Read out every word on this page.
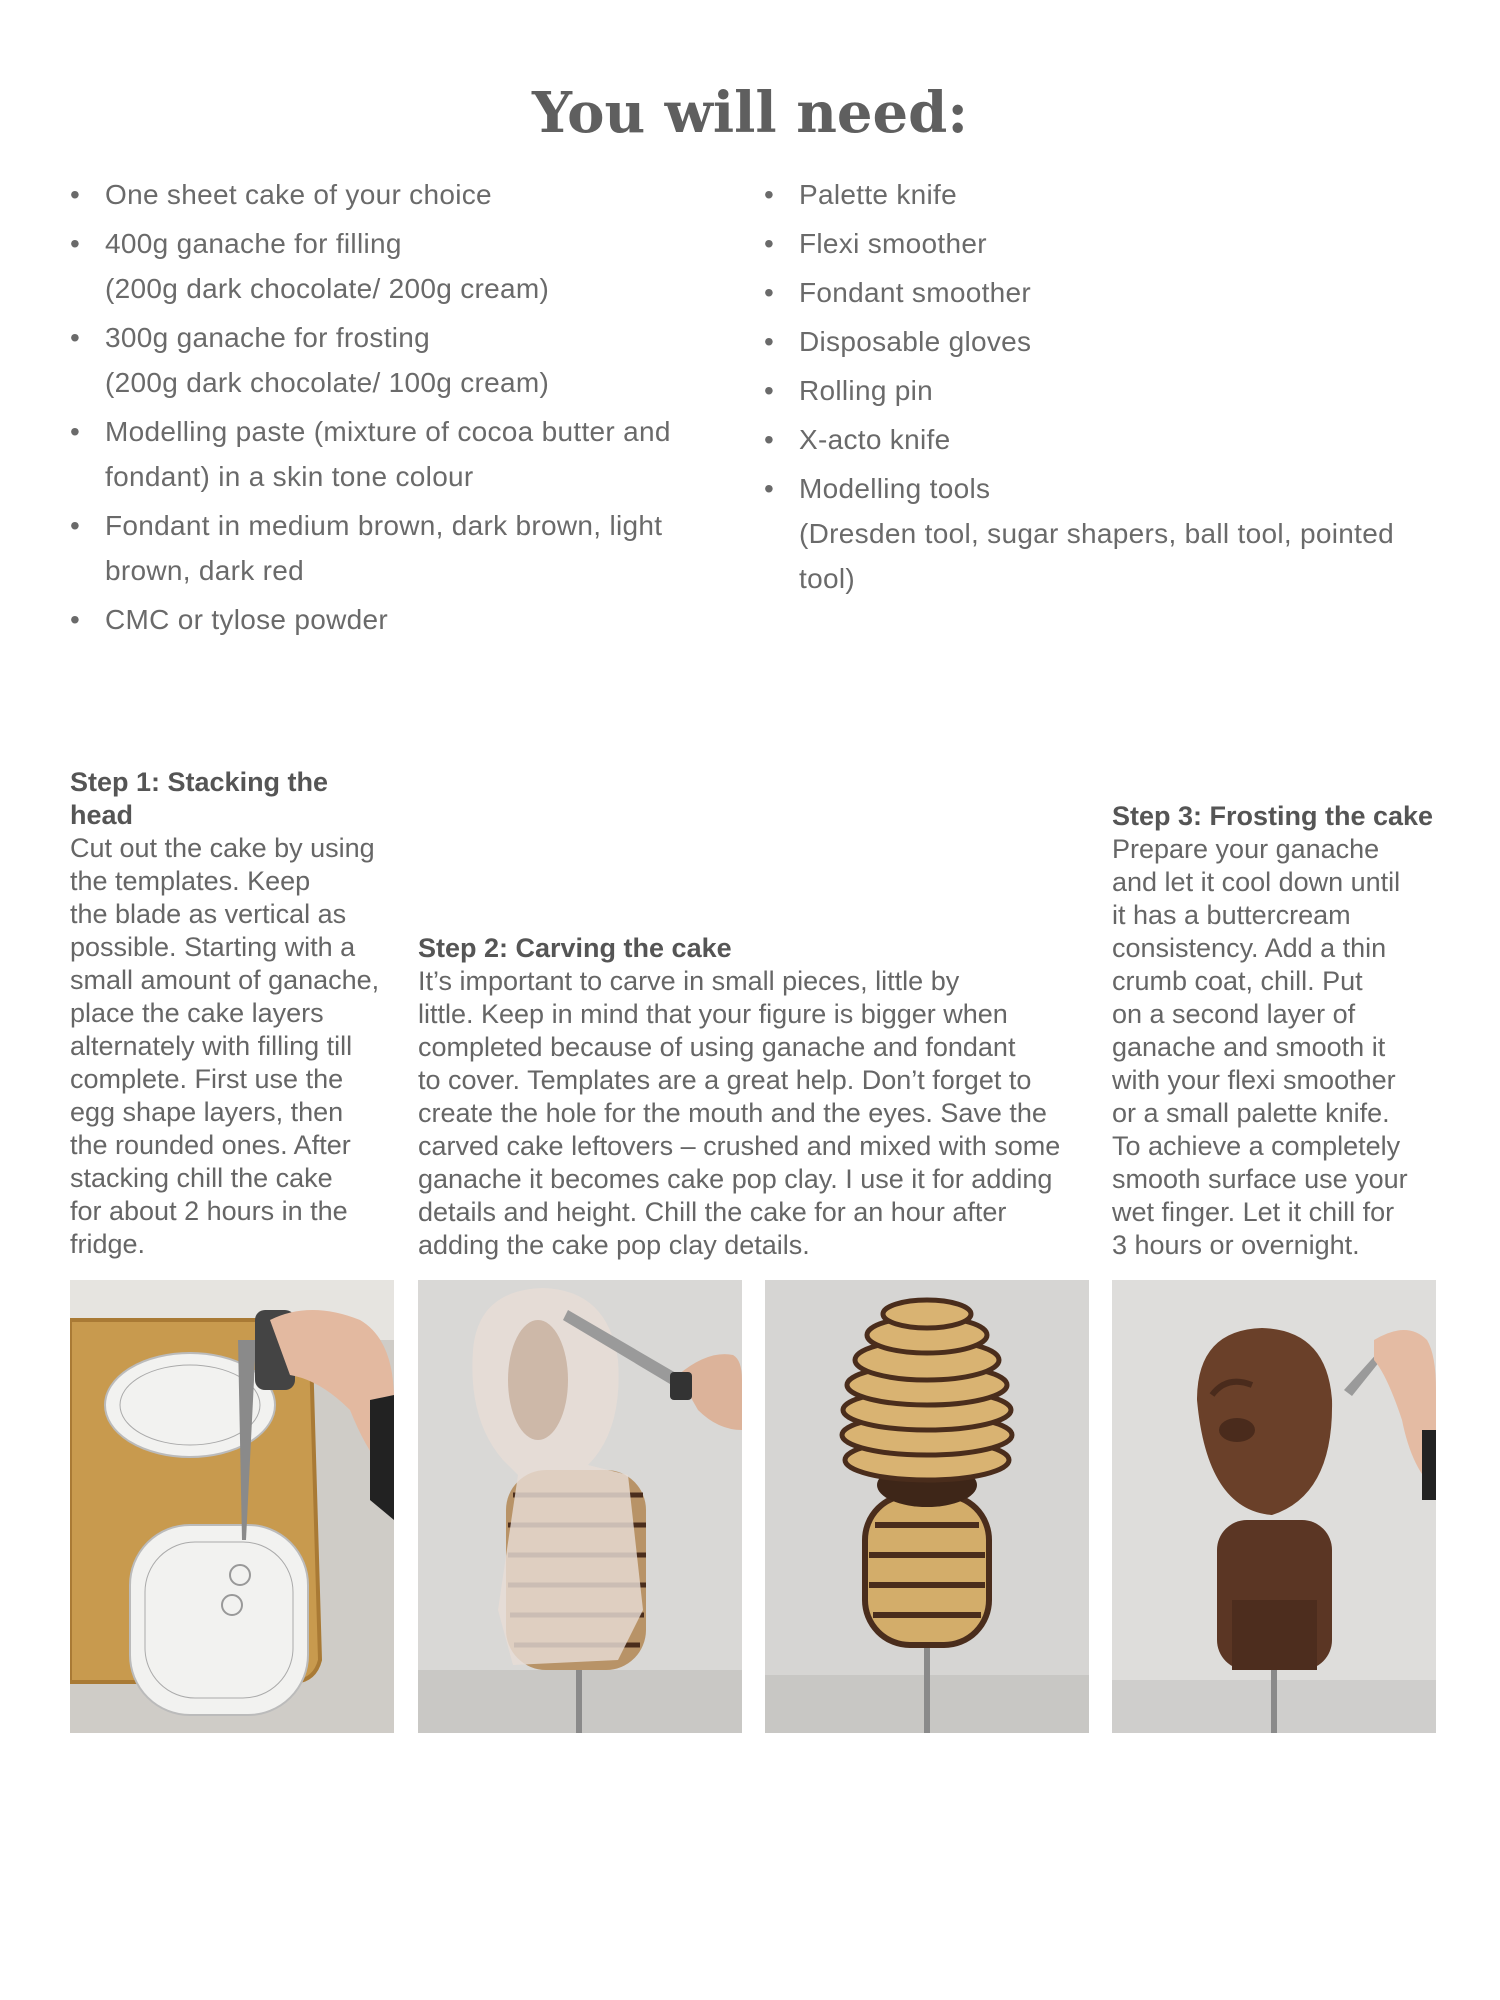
You will need:
• One sheet cake of your choice
• 400g ganache for filling
(200g dark chocolate/ 200g cream)
• 300g ganache for frosting
(200g dark chocolate/ 100g cream)
• Modelling paste (mixture of cocoa butter and
fondant) in a skin tone colour
• Fondant in medium brown, dark brown, light
brown, dark red
• CMC or tylose powder
• Palette knife
• Flexi smoother
• Fondant smoother
• Disposable gloves
• Rolling pin
• X-acto knife
• Modelling tools
(Dresden tool, sugar shapers, ball tool, pointed
tool)

Step 1: Stacking the
head

Cut out the cake by using
the templates. Keep
the blade as vertical as
possible. Starting with a
small amount of ganache,
place the cake layers
alternately with filling till
complete. First use the
egg shape layers, then
the rounded ones. After
stacking chill the cake
for about 2 hours in the
fridge.

Step 2: Carving the cake

It’s important to carve in small pieces, little by
little. Keep in mind that your figure is bigger when
completed because of using ganache and fondant
to cover. Templates are a great help. Don’t forget to
create the hole for the mouth and the eyes. Save the
carved cake leftovers – crushed and mixed with some
ganache it becomes cake pop clay. I use it for adding
details and height. Chill the cake for an hour after
adding the cake pop clay details.

Step 3: Frosting the cake

Prepare your ganache
and let it cool down until
it has a buttercream
consistency. Add a thin
crumb coat, chill. Put
on a second layer of
ganache and smooth it
with your flexi smoother
or a small palette knife.
To achieve a completely
smooth surface use your
wet finger. Let it chill for
3 hours or overnight.
